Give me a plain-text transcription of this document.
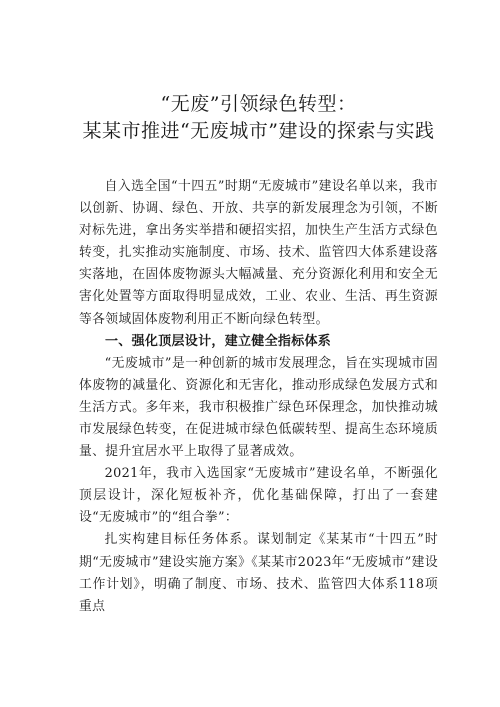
“无废”引领绿色转型：
某某市推进“无废城市”建设的探索与实践

自入选全国“十四五”时期“无废城市”建设名单以来，我市以创新、协调、绿色、开放、共享的新发展理念为引领，不断对标先进，拿出务实举措和硬招实招，加快生产生活方式绿色转变，扎实推动实施制度、市场、技术、监管四大体系建设落实落地，在固体废物源头大幅减量、充分资源化利用和安全无害化处置等方面取得明显成效，工业、农业、生活、再生资源等各领域固体废物利用正不断向绿色转型。

一、强化顶层设计，建立健全指标体系

“无废城市”是一种创新的城市发展理念，旨在实现城市固体废物的减量化、资源化和无害化，推动形成绿色发展方式和生活方式。多年来，我市积极推广绿色环保理念，加快推动城市发展绿色转变，在促进城市绿色低碳转型、提高生态环境质量、提升宜居水平上取得了显著成效。

2021年，我市入选国家“无废城市”建设名单，不断强化顶层设计，深化短板补齐，优化基础保障，打出了一套建设“无废城市”的“组合拳”：

扎实构建目标任务体系。谋划制定《某某市“十四五”时期“无废城市”建设实施方案》《某某市2023年“无废城市”建设工作计划》，明确了制度、市场、技术、监管四大体系118项重点
